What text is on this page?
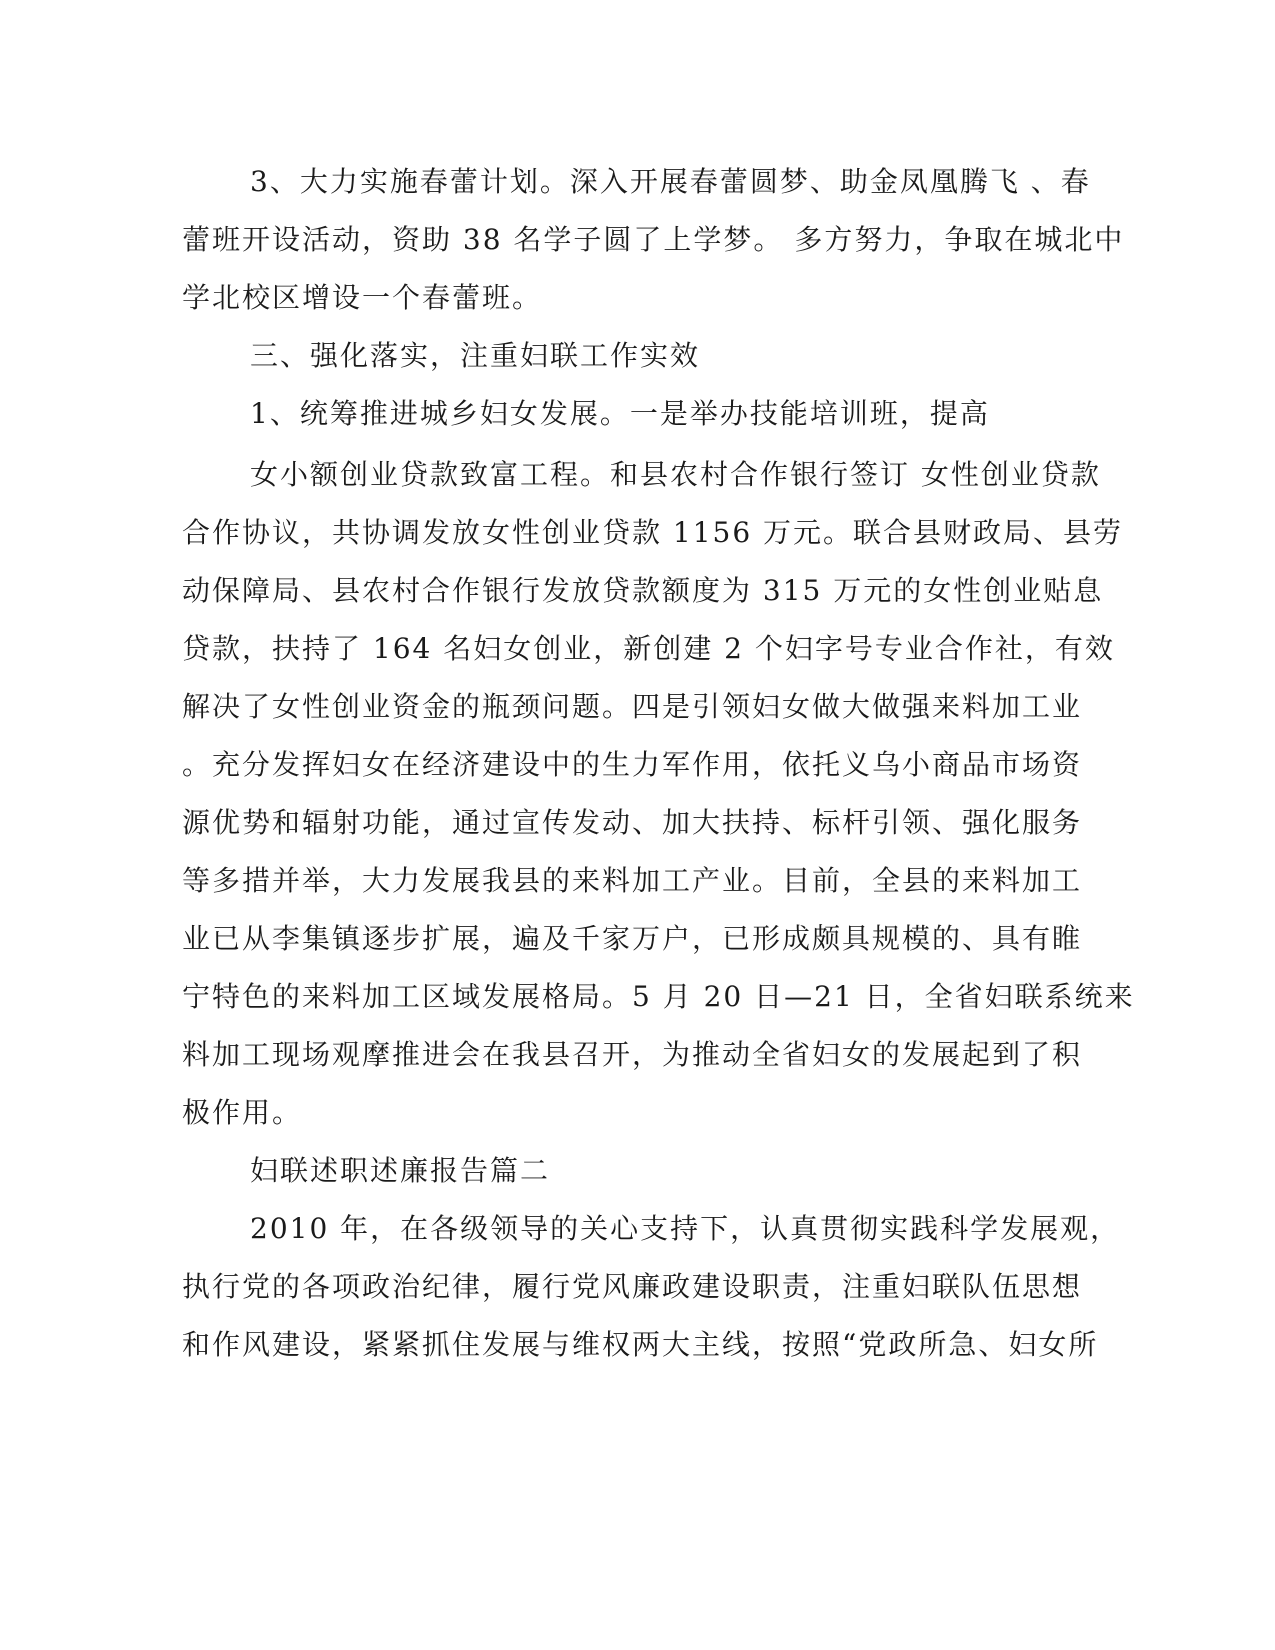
3、大力实施春蕾计划。深入开展春蕾圆梦、助金凤凰腾飞 、春
蕾班开设活动，资助 38 名学子圆了上学梦。 多方努力，争取在城北中
学北校区增设一个春蕾班。
三、强化落实，注重妇联工作实效
1、统筹推进城乡妇女发展。一是举办技能培训班，提高
女小额创业贷款致富工程。和县农村合作银行签订 女性创业贷款
合作协议，共协调发放女性创业贷款 1156 万元。联合县财政局、县劳
动保障局、县农村合作银行发放贷款额度为 315 万元的女性创业贴息
贷款，扶持了 164 名妇女创业，新创建 2 个妇字号专业合作社，有效
解决了女性创业资金的瓶颈问题。四是引领妇女做大做强来料加工业
。充分发挥妇女在经济建设中的生力军作用，依托义乌小商品市场资
源优势和辐射功能，通过宣传发动、加大扶持、标杆引领、强化服务
等多措并举，大力发展我县的来料加工产业。目前，全县的来料加工
业已从李集镇逐步扩展，遍及千家万户，已形成颇具规模的、具有睢
宁特色的来料加工区域发展格局。5 月 20 日—21 日，全省妇联系统来
料加工现场观摩推进会在我县召开，为推动全省妇女的发展起到了积
极作用。
妇联述职述廉报告篇二
2010 年，在各级领导的关心支持下，认真贯彻实践科学发展观，
执行党的各项政治纪律，履行党风廉政建设职责，注重妇联队伍思想
和作风建设，紧紧抓住发展与维权两大主线，按照“党政所急、妇女所
